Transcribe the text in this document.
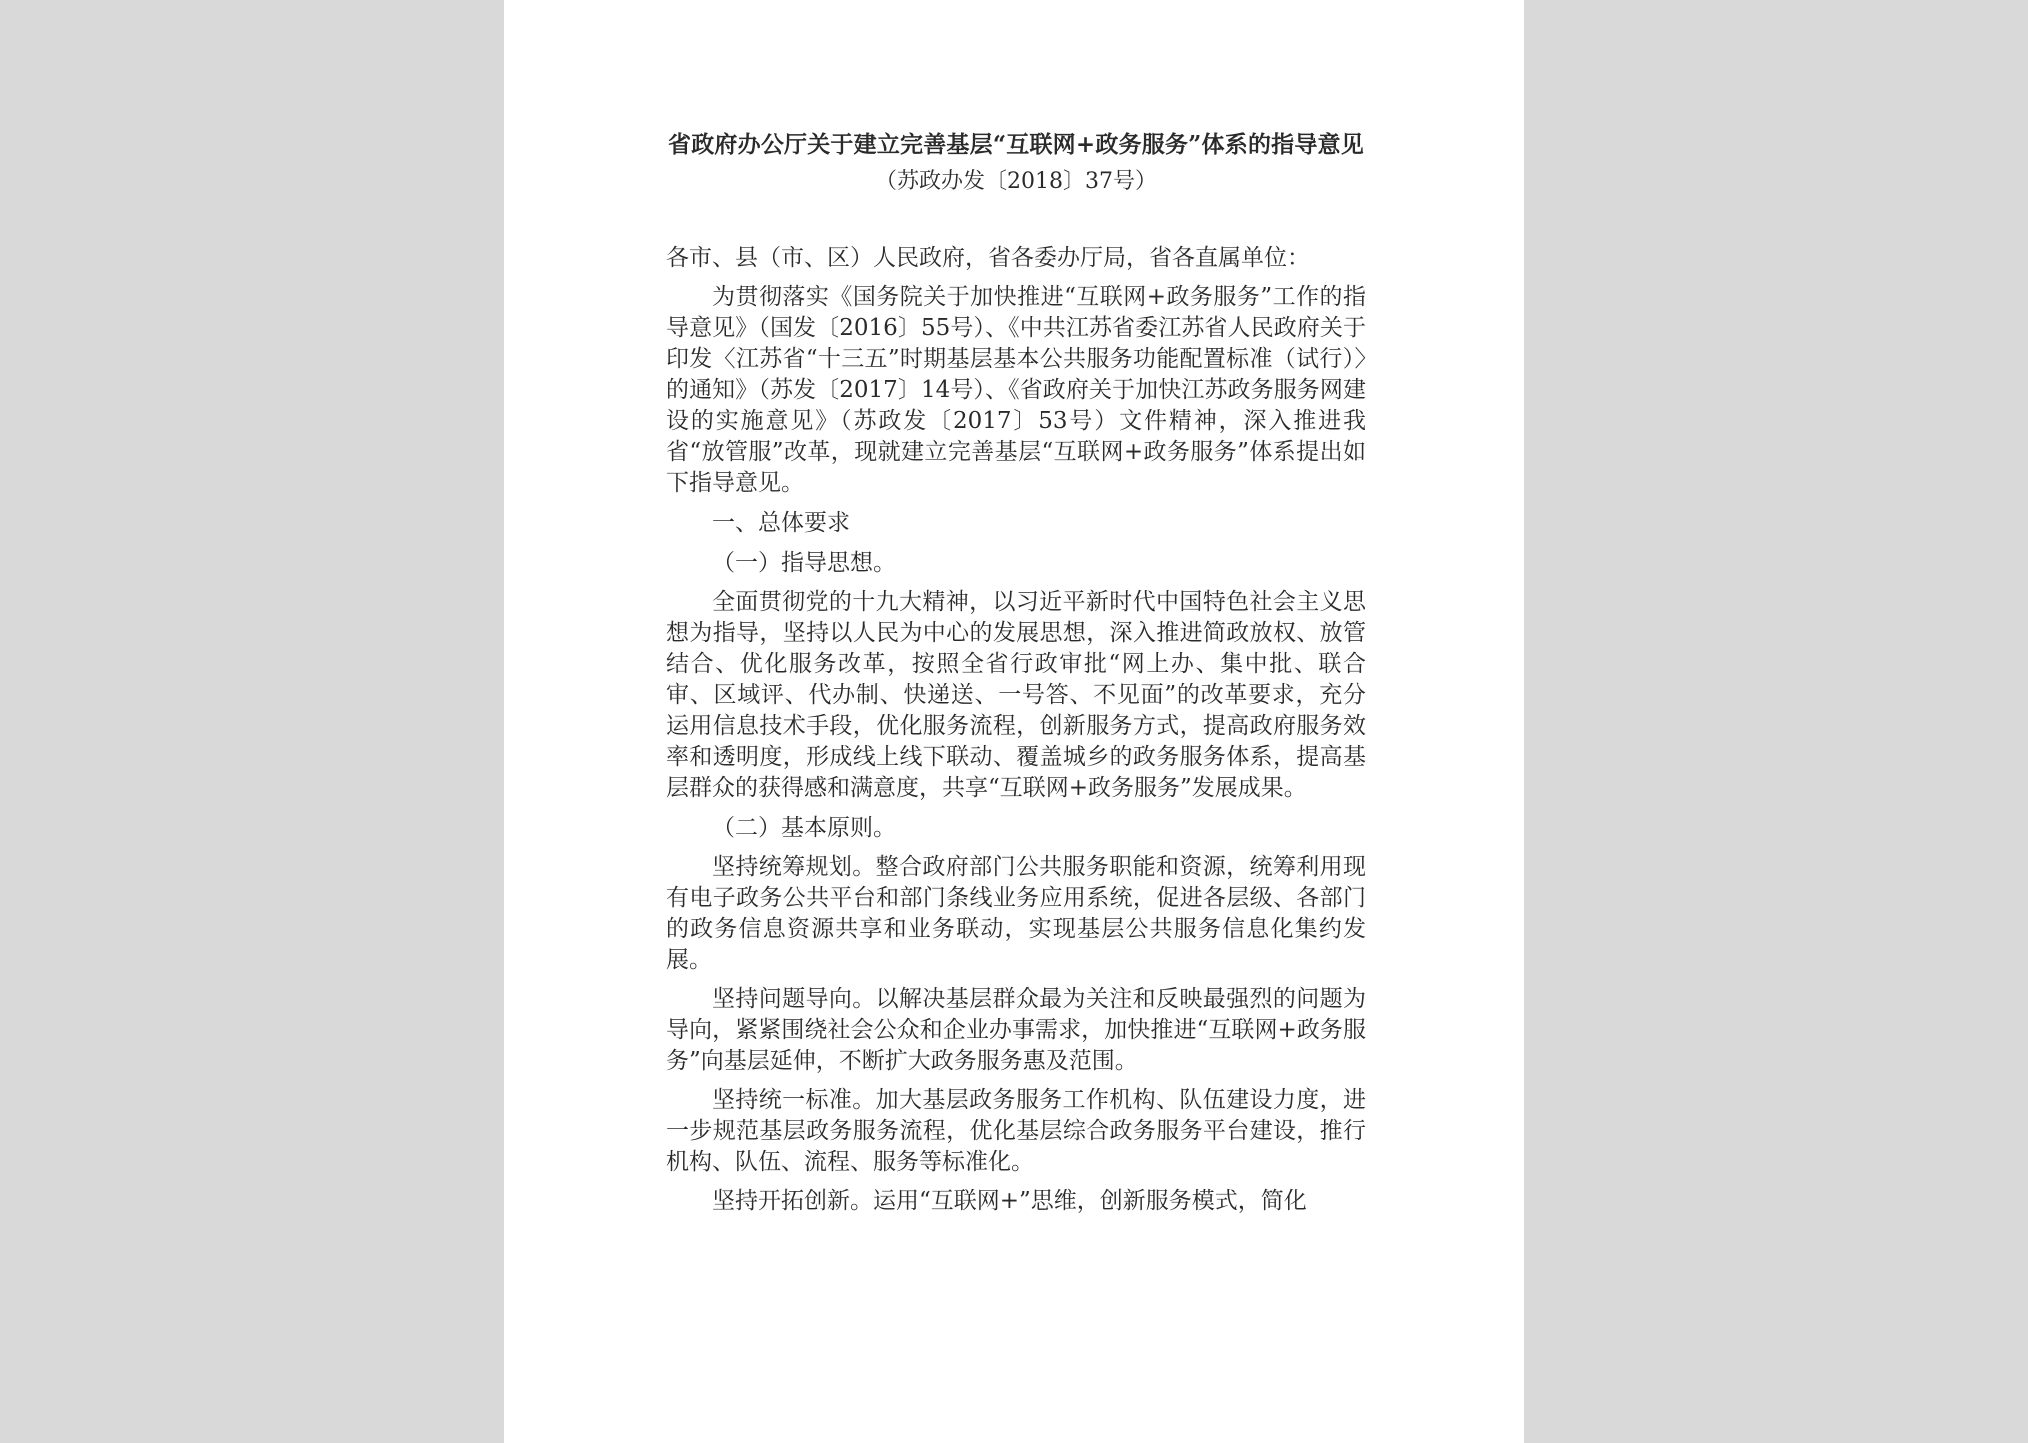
省政府办公厅关于建立完善基层“互联网+政务服务”体系的指导意见
（苏政办发〔2018〕37号）
各市、县（市、区）人民政府，省各委办厅局，省各直属单位：

为贯彻落实《国务院关于加快推进“互联网+政务服务”工作的指导意见》（国发〔2016〕55号）、《中共江苏省委江苏省人民政府关于印发〈江苏省“十三五”时期基层基本公共服务功能配置标准（试行）〉的通知》（苏发〔2017〕14号）、《省政府关于加快江苏政务服务网建设的实施意见》（苏政发〔2017〕53号）文件精神，深入推进我省“放管服”改革，现就建立完善基层“互联网+政务服务”体系提出如下指导意见。

一、总体要求
（一）指导思想。

全面贯彻党的十九大精神，以习近平新时代中国特色社会主义思想为指导，坚持以人民为中心的发展思想，深入推进简政放权、放管结合、优化服务改革，按照全省行政审批“网上办、集中批、联合审、区域评、代办制、快递送、一号答、不见面”的改革要求，充分运用信息技术手段，优化服务流程，创新服务方式，提高政府服务效率和透明度，形成线上线下联动、覆盖城乡的政务服务体系，提高基层群众的获得感和满意度，共享“互联网+政务服务”发展成果。

（二）基本原则。

坚持统筹规划。整合政府部门公共服务职能和资源，统筹利用现有电子政务公共平台和部门条线业务应用系统，促进各层级、各部门的政务信息资源共享和业务联动，实现基层公共服务信息化集约发展。

坚持问题导向。以解决基层群众最为关注和反映最强烈的问题为导向，紧紧围绕社会公众和企业办事需求，加快推进“互联网+政务服务”向基层延伸，不断扩大政务服务惠及范围。

坚持统一标准。加大基层政务服务工作机构、队伍建设力度，进一步规范基层政务服务流程，优化基层综合政务服务平台建设，推行机构、队伍、流程、服务等标准化。

坚持开拓创新。运用“互联网+”思维，创新服务模式，简化
